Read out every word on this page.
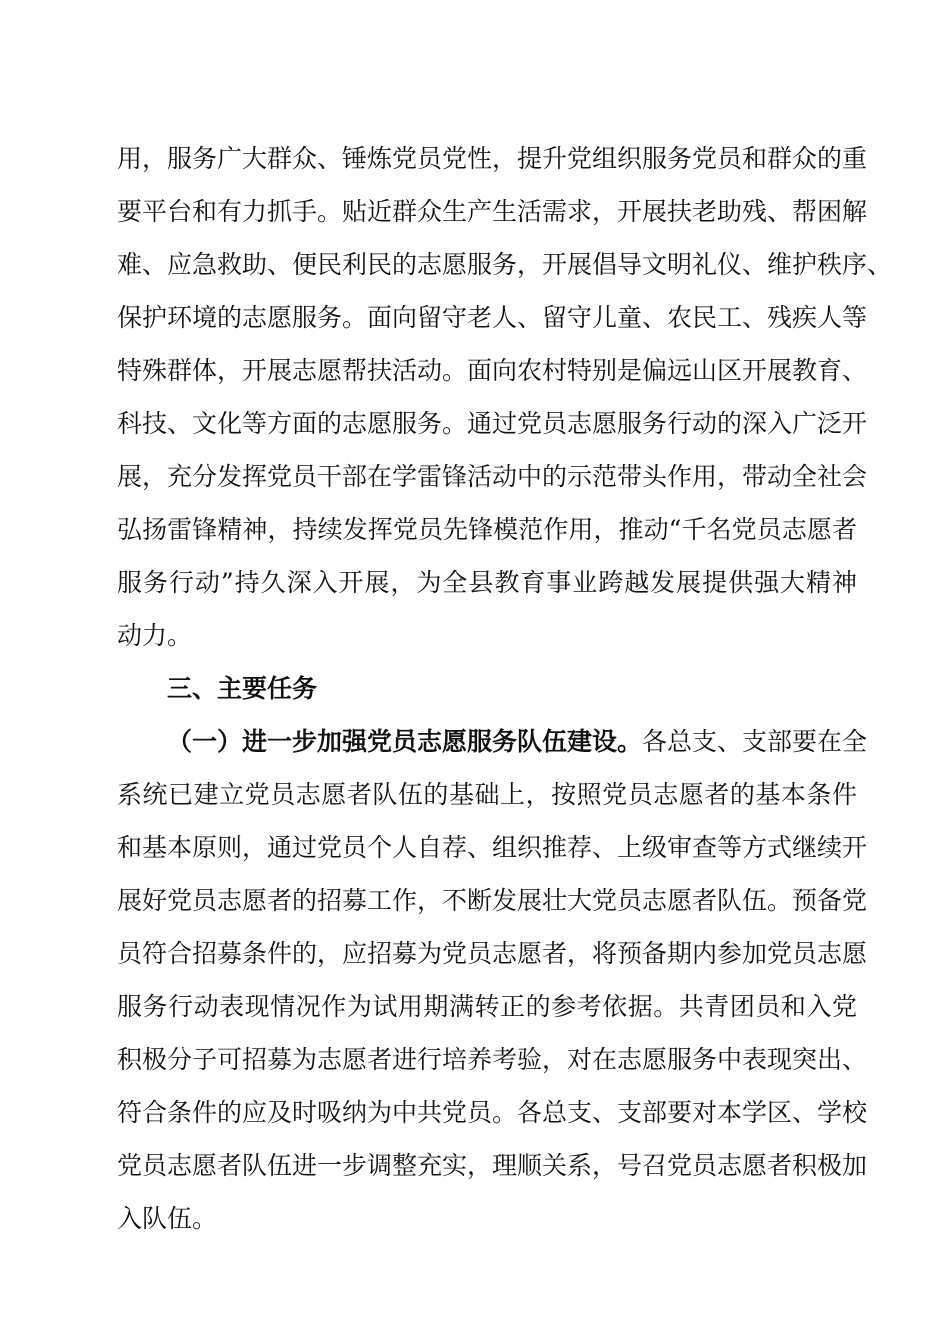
用，服务广大群众、锤炼党员党性，提升党组织服务党员和群众的重
要平台和有力抓手。贴近群众生产生活需求，开展扶老助残、帮困解
难、应急救助、便民利民的志愿服务，开展倡导文明礼仪、维护秩序、
保护环境的志愿服务。面向留守老人、留守儿童、农民工、残疾人等
特殊群体，开展志愿帮扶活动。面向农村特别是偏远山区开展教育、
科技、文化等方面的志愿服务。通过党员志愿服务行动的深入广泛开
展，充分发挥党员干部在学雷锋活动中的示范带头作用，带动全社会
弘扬雷锋精神，持续发挥党员先锋模范作用，推动“千名党员志愿者
服务行动”持久深入开展，为全县教育事业跨越发展提供强大精神
动力。
三、主要任务
（一）进一步加强党员志愿服务队伍建设。各总支、支部要在全
系统已建立党员志愿者队伍的基础上，按照党员志愿者的基本条件
和基本原则，通过党员个人自荐、组织推荐、上级审查等方式继续开
展好党员志愿者的招募工作，不断发展壮大党员志愿者队伍。预备党
员符合招募条件的，应招募为党员志愿者，将预备期内参加党员志愿
服务行动表现情况作为试用期满转正的参考依据。共青团员和入党
积极分子可招募为志愿者进行培养考验，对在志愿服务中表现突出、
符合条件的应及时吸纳为中共党员。各总支、支部要对本学区、学校
党员志愿者队伍进一步调整充实，理顺关系，号召党员志愿者积极加
入队伍。
